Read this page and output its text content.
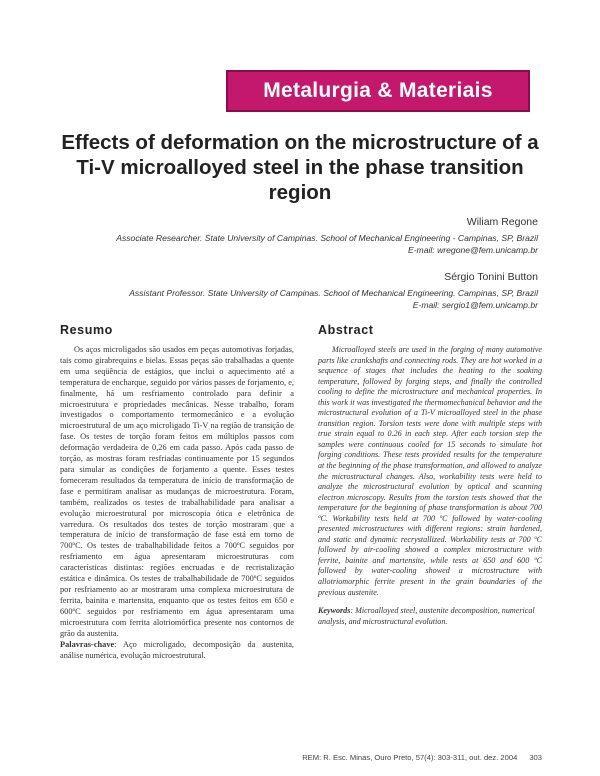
Metalurgia & Materiais
Effects of deformation on the microstructure of a Ti-V microalloyed steel in the phase transition region
Wiliam Regone
Associate Researcher. State University of Campinas. School of Mechanical Engineering - Campinas, SP, Brazil
E-mail: wregone@fem.unicamp.br
Sérgio Tonini Button
Assistant Professor. State University of Campinas. School of Mechanical Engineering. Campinas, SP, Brazil
E-mail: sergio1@fem.unicamp.br
Resumo

Os aços microligados são usados em peças automotivas forjadas, tais como girabrequins e bielas. Essas peças são trabalhadas a quente em uma seqüência de estágios, que inclui o aquecimento até a temperatura de encharque, seguido por vários passes de forjamento, e, finalmente, há um resfriamento controlado para definir a microestrutura e propriedades mecânicas. Nesse trabalho, foram investigados o comportamento termomecânico e a evolução microestrutural de um aço microligado Ti-V na região de transição de fase. Os testes de torção foram feitos em múltiplos passos com deformação verdadeira de 0,26 em cada passo. Após cada passo de torção, as mostras foram resfriadas continuamente por 15 segundos para simular as condições de forjamento a quente. Esses testes forneceram resultados da temperatura de início de transformação de fase e permitiram analisar as mudanças de microestrutura. Foram, também, realizados os testes de trabalhabilidade para analisar a evolução microestrutural por microscopia ótica e eletrônica de varredura. Os resultados dos testes de torção mostraram que a temperatura de início de transformação de fase está em torno de 700ºC. Os testes de trabalhabilidade feitos a 700ºC seguidos por resfriamento em água apresentaram microestruturas com características distintas: regiões encruadas e de recristalização estática e dinâmica. Os testes de trabalhabilidade de 700ºC seguidos por resfriamento ao ar mostraram uma complexa microestrutura de ferrita, bainita e martensita, enquanto que os testes feitos em 650 e 600ºC seguidos por resfriamento em água apresentaram uma microestrutura com ferrita alotriomórfica presente nos contornos de grão da austenita.

Palavras-chave: Aço microligado, decomposição da austenita, análise numérica, evolução microestrutural.

Abstract

Microalloyed steels are used in the forging of many automotive parts like crankshafts and connecting rods. They are hot worked in a sequence of stages that includes the heating to the soaking temperature, followed by forging steps, and finally the controlled cooling to define the microstructure and mechanical properties. In this work it was investigated the thermomechanical behavior and the microstructural evolution of a Ti-V microalloyed steel in the phase transition region. Torsion tests were done with multiple steps with true strain equal to 0.26 in each step. After each torsion step the samples were continuous cooled for 15 seconds to simulate hot forging conditions. These tests provided results for the temperature at the beginning of the phase transformation, and allowed to analyze the microstructural changes. Also, workability tests were held to analyze the microstructural evolution by optical and scanning electron microscopy. Results from the torsion tests showed that the temperature for the beginning of phase transformation is about 700 ºC. Workability tests held at 700 ºC followed by water-cooling presented microstructures with different regions: strain hardened, and static and dynamic recrystallized. Workability tests at 700 ºC followed by air-cooling showed a complex microstructure with ferrite, bainite and martensite, while tests at 650 and 600 ºC followed by water-cooling showed a microstructure with allotriomorphic ferrite present in the grain boundaries of the previous austenite.

Keywords: Microalloyed steel, austenite decomposition, numerical analysis, and microstructural evolution.

REM: R. Esc. Minas, Ouro Preto, 57(4): 303-311, out. dez. 2004 303
